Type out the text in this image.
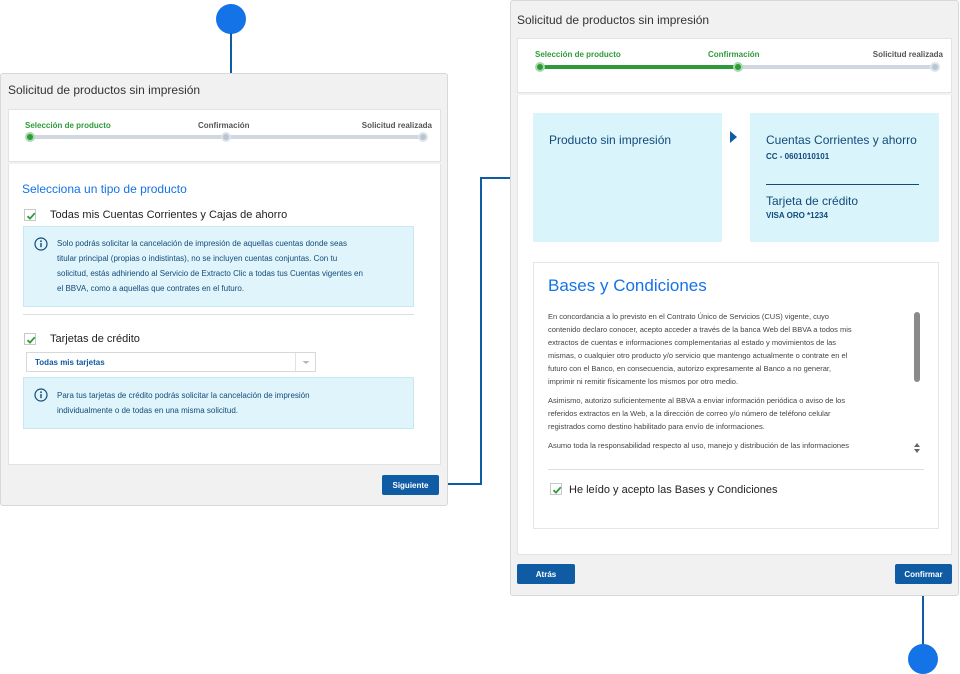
Solicitud de productos sin impresión
Selección de producto	Confirmación	Solicitud realizada
Selecciona un tipo de producto
Todas mis Cuentas Corrientes y Cajas de ahorro
Solo podrás solicitar la cancelación de impresión de aquellas cuentas donde seas
titular principal (propias o indistintas), no se incluyen cuentas conjuntas. Con tu
solicitud, estás adhiriendo al Servicio de Extracto Clic a todas tus Cuentas vigentes en
el BBVA, como a aquellas que contrates en el futuro.
Tarjetas de crédito
Todas mis tarjetas
Para tus tarjetas de crédito podrás solicitar la cancelación de impresión
individualmente o de todas en una misma solicitud.
Siguiente
Solicitud de productos sin impresión
Selección de producto	Confirmación	Solicitud realizada
Producto sin impresión	Cuentas Corrientes y ahorro
CC - 0601010101
Tarjeta de crédito
VISA ORO *1234
Bases y Condiciones
En concordancia a lo previsto en el Contrato Único de Servicios (CUS) vigente, cuyo
contenido declaro conocer, acepto acceder a través de la banca Web del BBVA a todos mis
extractos de cuentas e informaciones complementarias al estado y movimientos de las
mismas, o cualquier otro producto y/o servicio que mantengo actualmente o contrate en el
futuro con el Banco, en consecuencia, autorizo expresamente al Banco a no generar,
imprimir ni remitir físicamente los mismos por otro medio.
Asimismo, autorizo suficientemente al BBVA a enviar información periódica o aviso de los
referidos extractos en la Web, a la dirección de correo y/o número de teléfono celular
registrados como destino habilitado para envío de informaciones.
Asumo toda la responsabilidad respecto al uso, manejo y distribución de las informaciones
He leído y acepto las Bases y Condiciones
Atrás	Confirmar
